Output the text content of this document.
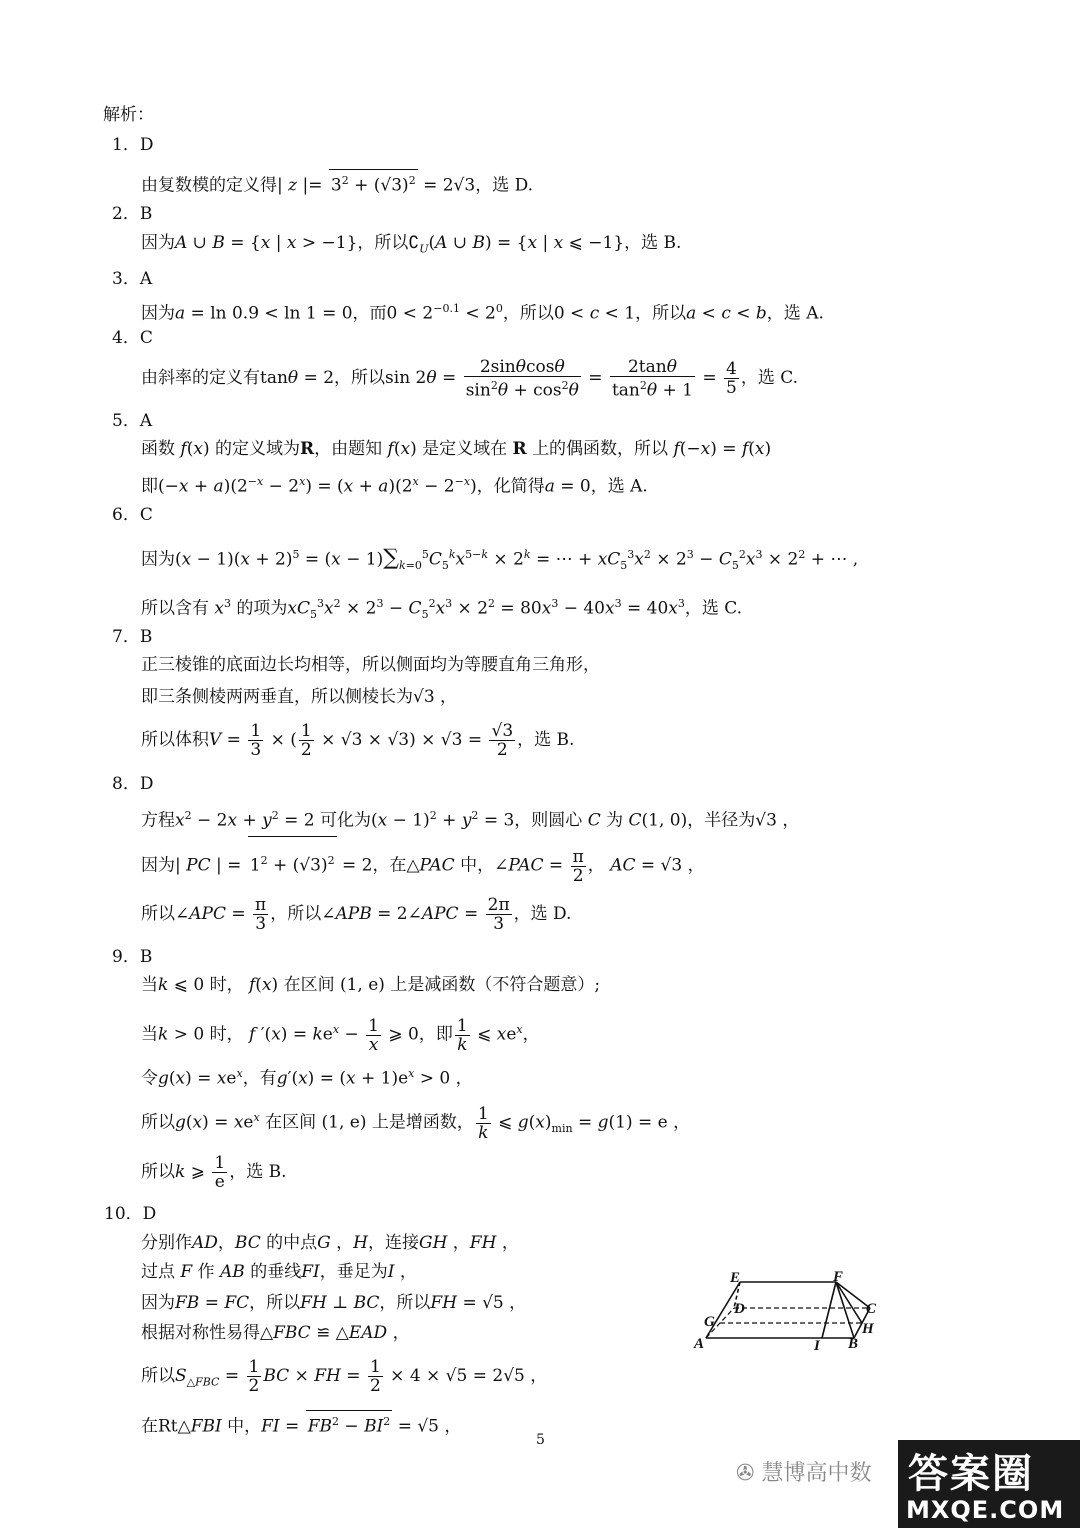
解析：
1．D
由复数模的定义得| z |= $3^2 + (√3)^2 = 2√3$，选 D.
2．B
因为A ∪ B = {x | x > −1}，所以$∁_U(A$ ∪ B) = {x | x ⩽ −1}，选 B.
3．A
因为a = ln 0.9 < ln 1 = 0，而$0 < 2^{-0.1} < 2^0$，所以0 < c < 1，所以a < c < b，选 A.
4．C
由斜率的定义有tanθ = 2，所以$\sin 2\theta = \frac{2\sin\theta\cos\theta}{\sin^2\theta + \cos^2\theta} = \frac{2\tan\theta}{\tan^2\theta + 1} = \frac{4}{5}$ ，选 C.
5．A
函数 f(x) 的定义域为R，由题知 f(x) 是定义域在 R 上的偶函数，所以 f(−x) = f(x)
即$(-x + a)(2^{-x} - 2^x) = (x + a)(2^x - 2^{-x})$，化简得a = 0，选 A.
6．C
因为$(x - 1)(x + 2)^5 = (x - 1)\sum_{k=0}^5C_5^kx^{5-k} \times 2^k$ = ⋯ + $xC_5^3x^2 \times 2^3 - C_5^2x^3 \times 2^2$ + ⋯ ,
所以含有 $x^3$ 的项为$xC_5^3x^2 \times 2^3 - C_5^2x^3 \times 2^2 = 80x^3 - 40x^3 = 40x^3$，选 C.
7．B
正三棱锥的底面边长均相等，所以侧面均为等腰直角三角形，
即三条侧棱两两垂直，所以侧棱长为√3 ，
所以体积$V = \frac{1}{3}$ × ( $\frac{1}{2} \times √3 \times √3) \times √3 = \frac{√3}{2}$ ，选 B.
8．D
方程$x^2 - 2x + y^2 = 2$ 可化为$(x - 1)^2 + y^2 = 3$，则圆心 C 为 C(1, 0)，半径为√3 ，
因为| PC | = $1^2 + (√3)^2 = 2$，在△PAC 中，∠PAC = $\frac{\pi}{2}$ ， AC = √3 ，
所以∠APC = $\frac{\pi}{3}$ ，所以∠APB = 2∠APC = $\frac{2\pi}{3}$ ，选 D.
9．B
当k ⩽ 0 时， f(x) 在区间 (1, e) 上是减函数（不符合题意）;
当k > 0 时， f $'(x) = ke^x - \frac{1}{x}$ ⩾ 0，即 $\frac{1}{k}$ ⩽ $xe^x$，
令$g(x) = xe^x$，有$g'(x) = (x + 1)e^x > 0$ ，
所以$g(x) = xe^x$ 在区间 (1, e) 上是增函数， $\frac{1}{k}$ ⩽ $g(x)_{min} = g(1) = e$ ，
所以k ⩾ $\frac{1}{e}$ ，选 B.
10．D
分别作AD，BC 的中点G ，H，连接GH ，FH ，
过点 F 作 AB 的垂线FI，垂足为I ，
因为FB = FC，所以FH ⊥ BC，所以FH = √5 ，
根据对称性易得△FBC ≌ △EAD ，
所以$S_{\triangle FBC} = \frac{1}{2}$ BC × FH = $\frac{1}{2} \times 4 \times √5 = 2√5$ ，
在Rt△FBI 中，FI = $FB^2 - BI^2 = √5$ ，
E	F
D	C
G	H
A	I B
5
✇ 慧博高中数 答案圈
MXQE.COM
